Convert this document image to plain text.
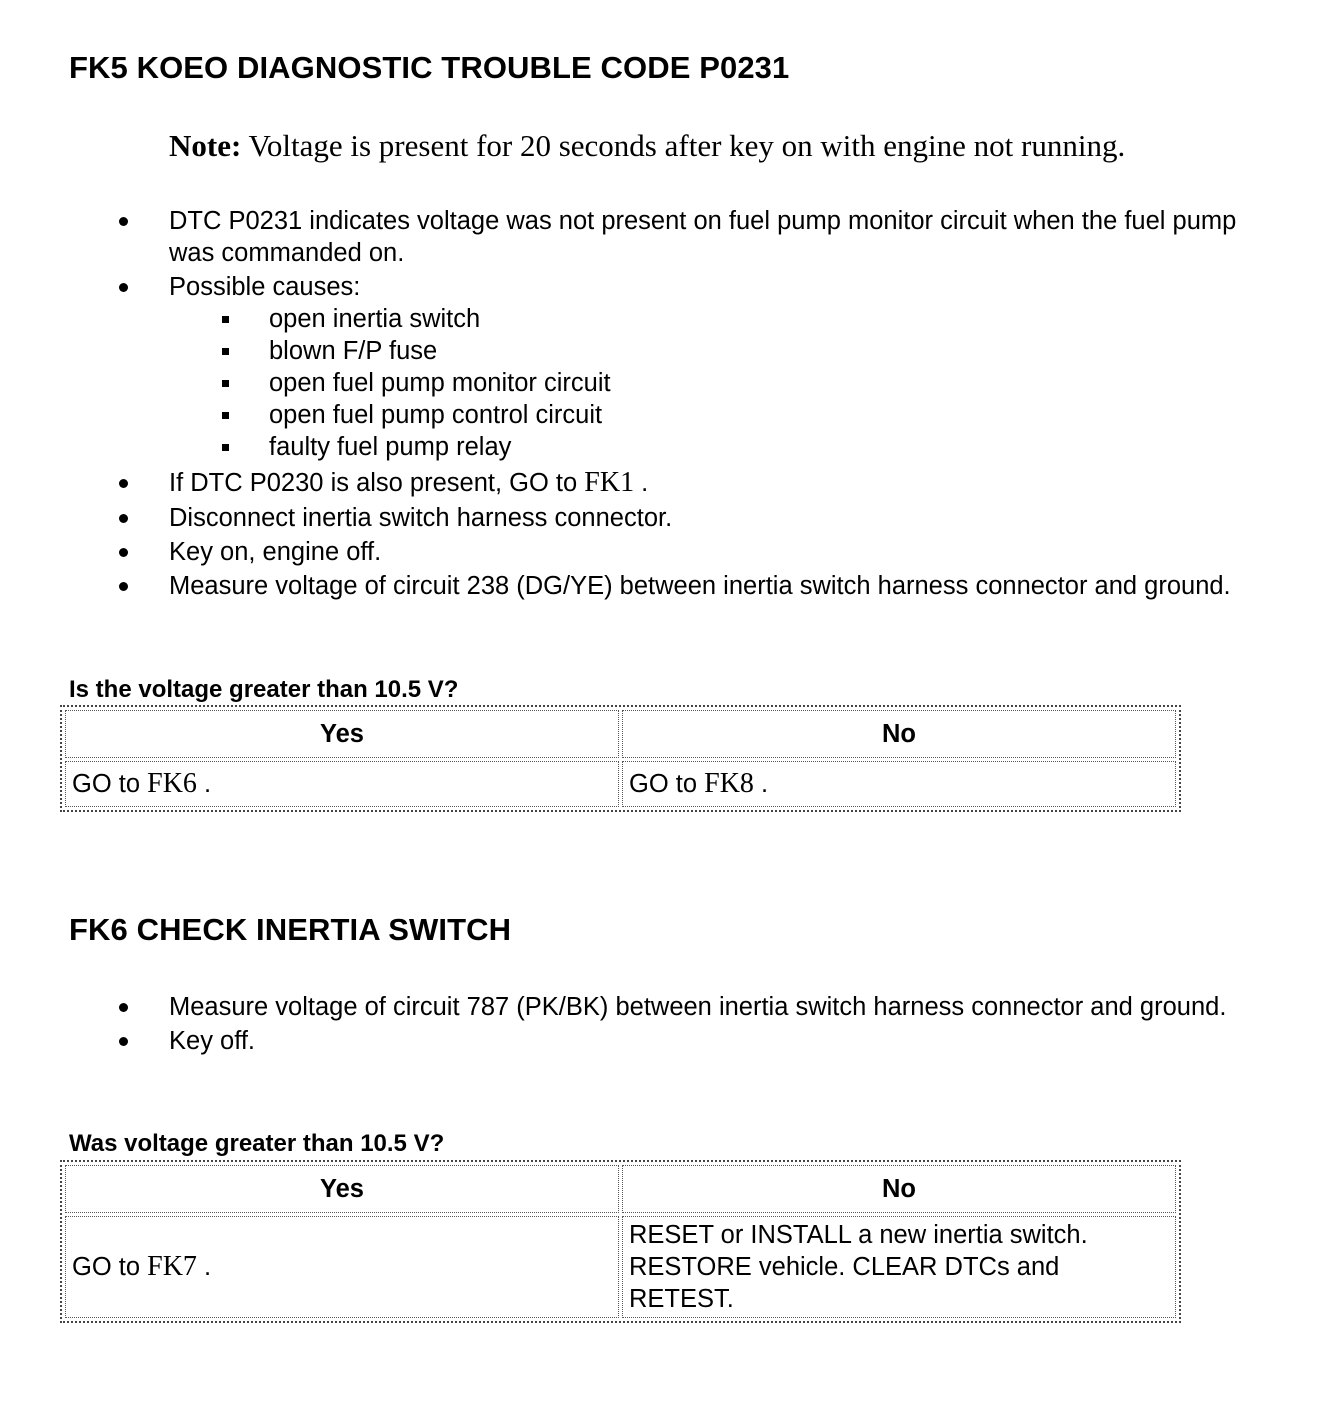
FK5 KOEO DIAGNOSTIC TROUBLE CODE P0231

Note: Voltage is present for 20 seconds after key on with engine not running.

DTC P0231 indicates voltage was not present on fuel pump monitor circuit when the fuel pump was commanded on.
Possible causes:
open inertia switch
blown F/P fuse
open fuel pump monitor circuit
open fuel pump control circuit
faulty fuel pump relay
If DTC P0230 is also present, GO to FK1 .
Disconnect inertia switch harness connector.
Key on, engine off.
Measure voltage of circuit 238 (DG/YE) between inertia switch harness connector and ground.

Is the voltage greater than 10.5 V?

Yes	No
GO to FK6 .	GO to FK8 .
FK6 CHECK INERTIA SWITCH
Measure voltage of circuit 787 (PK/BK) between inertia switch harness connector and ground.
Key off.

Was voltage greater than 10.5 V?

Yes	No
GO to FK7 .	RESET or INSTALL a new inertia switch. RESTORE vehicle. CLEAR DTCs and RETEST.
